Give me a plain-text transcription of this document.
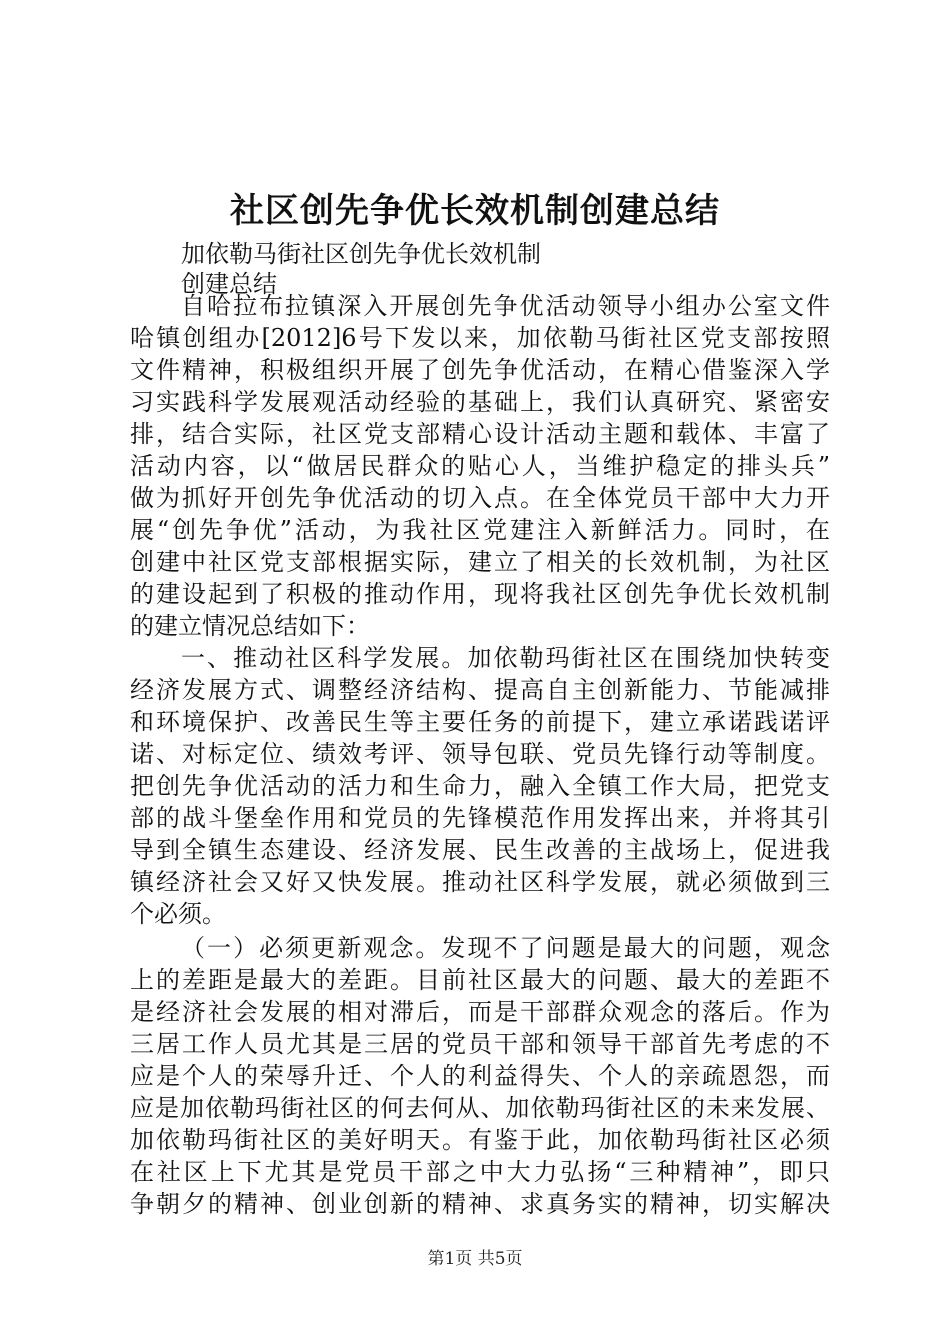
社区创先争优长效机制创建总结
加依勒马街社区创先争优长效机制
创建总结
自哈拉布拉镇深入开展创先争优活动领导小组办公室文件
哈镇创组办[2012]6号下发以来，加依勒马街社区党支部按照
文件精神，积极组织开展了创先争优活动，在精心借鉴深入学
习实践科学发展观活动经验的基础上，我们认真研究、紧密安
排，结合实际，社区党支部精心设计活动主题和载体、丰富了
活动内容，以“做居民群众的贴心人，当维护稳定的排头兵”
做为抓好开创先争优活动的切入点。在全体党员干部中大力开
展“创先争优”活动，为我社区党建注入新鲜活力。同时，在
创建中社区党支部根据实际，建立了相关的长效机制，为社区
的建设起到了积极的推动作用，现将我社区创先争优长效机制
的建立情况总结如下：
一、推动社区科学发展。加依勒玛街社区在围绕加快转变
经济发展方式、调整经济结构、提高自主创新能力、节能减排
和环境保护、改善民生等主要任务的前提下，建立承诺践诺评
诺、对标定位、绩效考评、领导包联、党员先锋行动等制度。
把创先争优活动的活力和生命力，融入全镇工作大局，把党支
部的战斗堡垒作用和党员的先锋模范作用发挥出来，并将其引
导到全镇生态建设、经济发展、民生改善的主战场上，促进我
镇经济社会又好又快发展。推动社区科学发展，就必须做到三
个必须。
（一）必须更新观念。发现不了问题是最大的问题，观念
上的差距是最大的差距。目前社区最大的问题、最大的差距不
是经济社会发展的相对滞后，而是干部群众观念的落后。作为
三居工作人员尤其是三居的党员干部和领导干部首先考虑的不
应是个人的荣辱升迁、个人的利益得失、个人的亲疏恩怨，而
应是加依勒玛街社区的何去何从、加依勒玛街社区的未来发展、
加依勒玛街社区的美好明天。有鉴于此，加依勒玛街社区必须
在社区上下尤其是党员干部之中大力弘扬“三种精神”，即只
争朝夕的精神、创业创新的精神、求真务实的精神，切实解决
第1页 共5页
